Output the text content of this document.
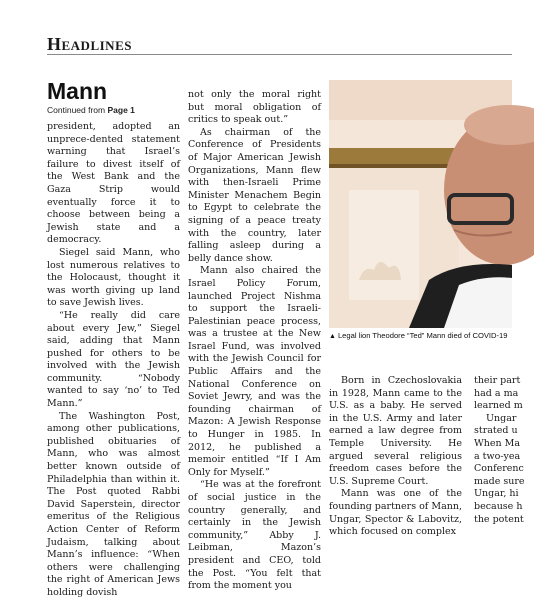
Headlines
Mann
Continued from Page 1

president, adopted an unprece-dented statement warning that Israel’s failure to divest itself of the West Bank and the Gaza Strip would eventually force it to choose between being a Jewish state and a democracy.

Siegel said Mann, who lost numerous relatives to the Holocaust, thought it was worth giving up land to save Jewish lives.

“He really did care about every Jew,” Siegel said, adding that Mann pushed for others to be involved with the Jewish community. “Nobody wanted to say ‘no’ to Ted Mann.”

The Washington Post, among other publications, published obituaries of Mann, who was almost better known outside of Philadelphia than within it. The Post quoted Rabbi David Saperstein, director emeritus of the Religious Action Center of Reform Judaism, talking about Mann’s influence: “When others were challenging the right of American Jews holding dovish

not only the moral right but moral obligation of critics to speak out.”

As chairman of the Conference of Presidents of Major American Jewish Organizations, Mann flew with then-Israeli Prime Minister Menachem Begin to Egypt to celebrate the signing of a peace treaty with the country, later falling asleep during a belly dance show.

Mann also chaired the Israel Policy Forum, launched Project Nishma to support the Israeli-Palestinian peace process, was a trustee at the New Israel Fund, was involved with the Jewish Council for Public Affairs and the National Conference on Soviet Jewry, and was the founding chairman of Mazon: A Jewish Response to Hunger in 1985. In 2012, he published a memoir entitled “If I Am Only for Myself.”

“He was at the forefront of social justice in the country generally, and certainly in the Jewish community,” Abby J. Leibman, Mazon’s president and CEO, told the Post. “You felt that from the moment you

▲ Legal lion Theodore “Ted” Mann died of COVID-19

Born in Czechoslovakia in 1928, Mann came to the U.S. as a baby. He served in the U.S. Army and later earned a law degree from Temple University. He argued several religious freedom cases before the U.S. Supreme Court.

Mann was one of the founding partners of Mann, Ungar, Spector & Labovitz, which focused on complex

their part
had a ma
learned m
Ungar
strated u
When Ma
a two-yea
Conferenc
made sure
Ungar, hi
because h
the potent
